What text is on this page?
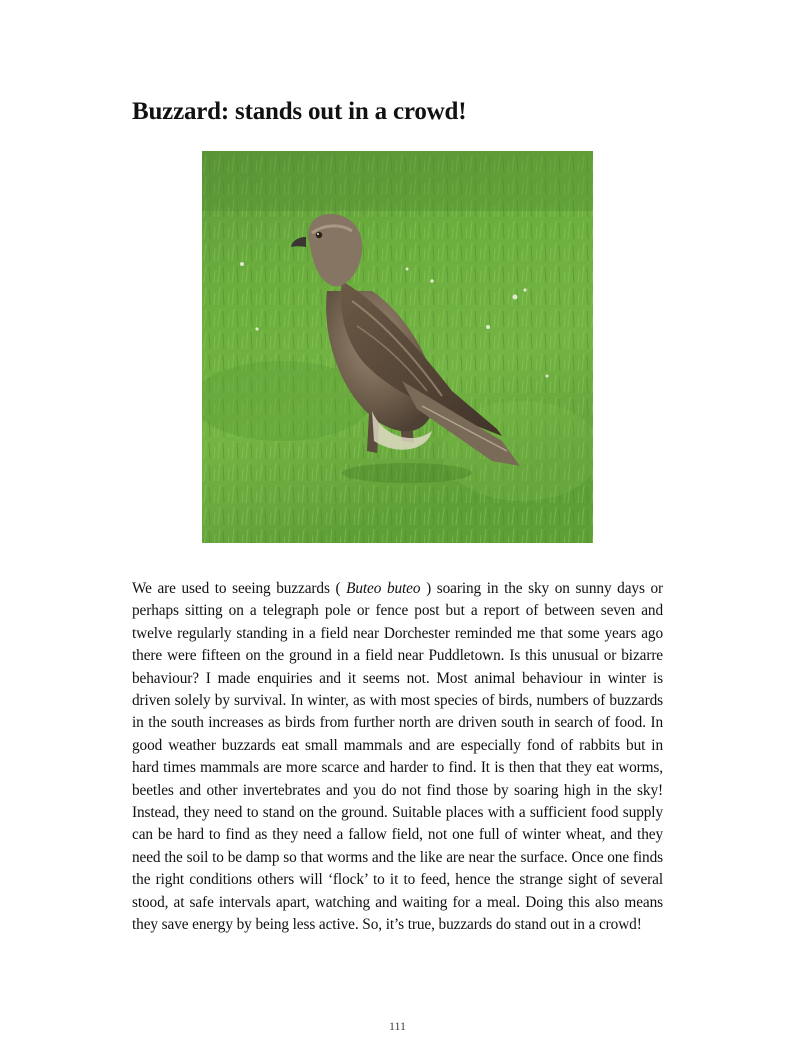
Buzzard: stands out in a crowd!

We are used to seeing buzzards ( Buteo buteo ) soaring in the sky on sunny days or perhaps sitting on a telegraph pole or fence post but a report of between seven and twelve regularly standing in a field near Dorchester reminded me that some years ago there were fifteen on the ground in a field near Puddletown. Is this unusual or bizarre behaviour? I made enquiries and it seems not. Most animal behaviour in winter is driven solely by survival. In winter, as with most species of birds, numbers of buzzards in the south increases as birds from further north are driven south in search of food. In good weather buzzards eat small mammals and are especially fond of rabbits but in hard times mammals are more scarce and harder to find. It is then that they eat worms, beetles and other invertebrates and you do not find those by soaring high in the sky! Instead, they need to stand on the ground. Suitable places with a sufficient food supply can be hard to find as they need a fallow field, not one full of winter wheat, and they need the soil to be damp so that worms and the like are near the surface. Once one finds the right conditions others will ‘flock’ to it to feed, hence the strange sight of several stood, at safe intervals apart, watching and waiting for a meal. Doing this also means they save energy by being less active. So, it’s true, buzzards do stand out in a crowd!

111
